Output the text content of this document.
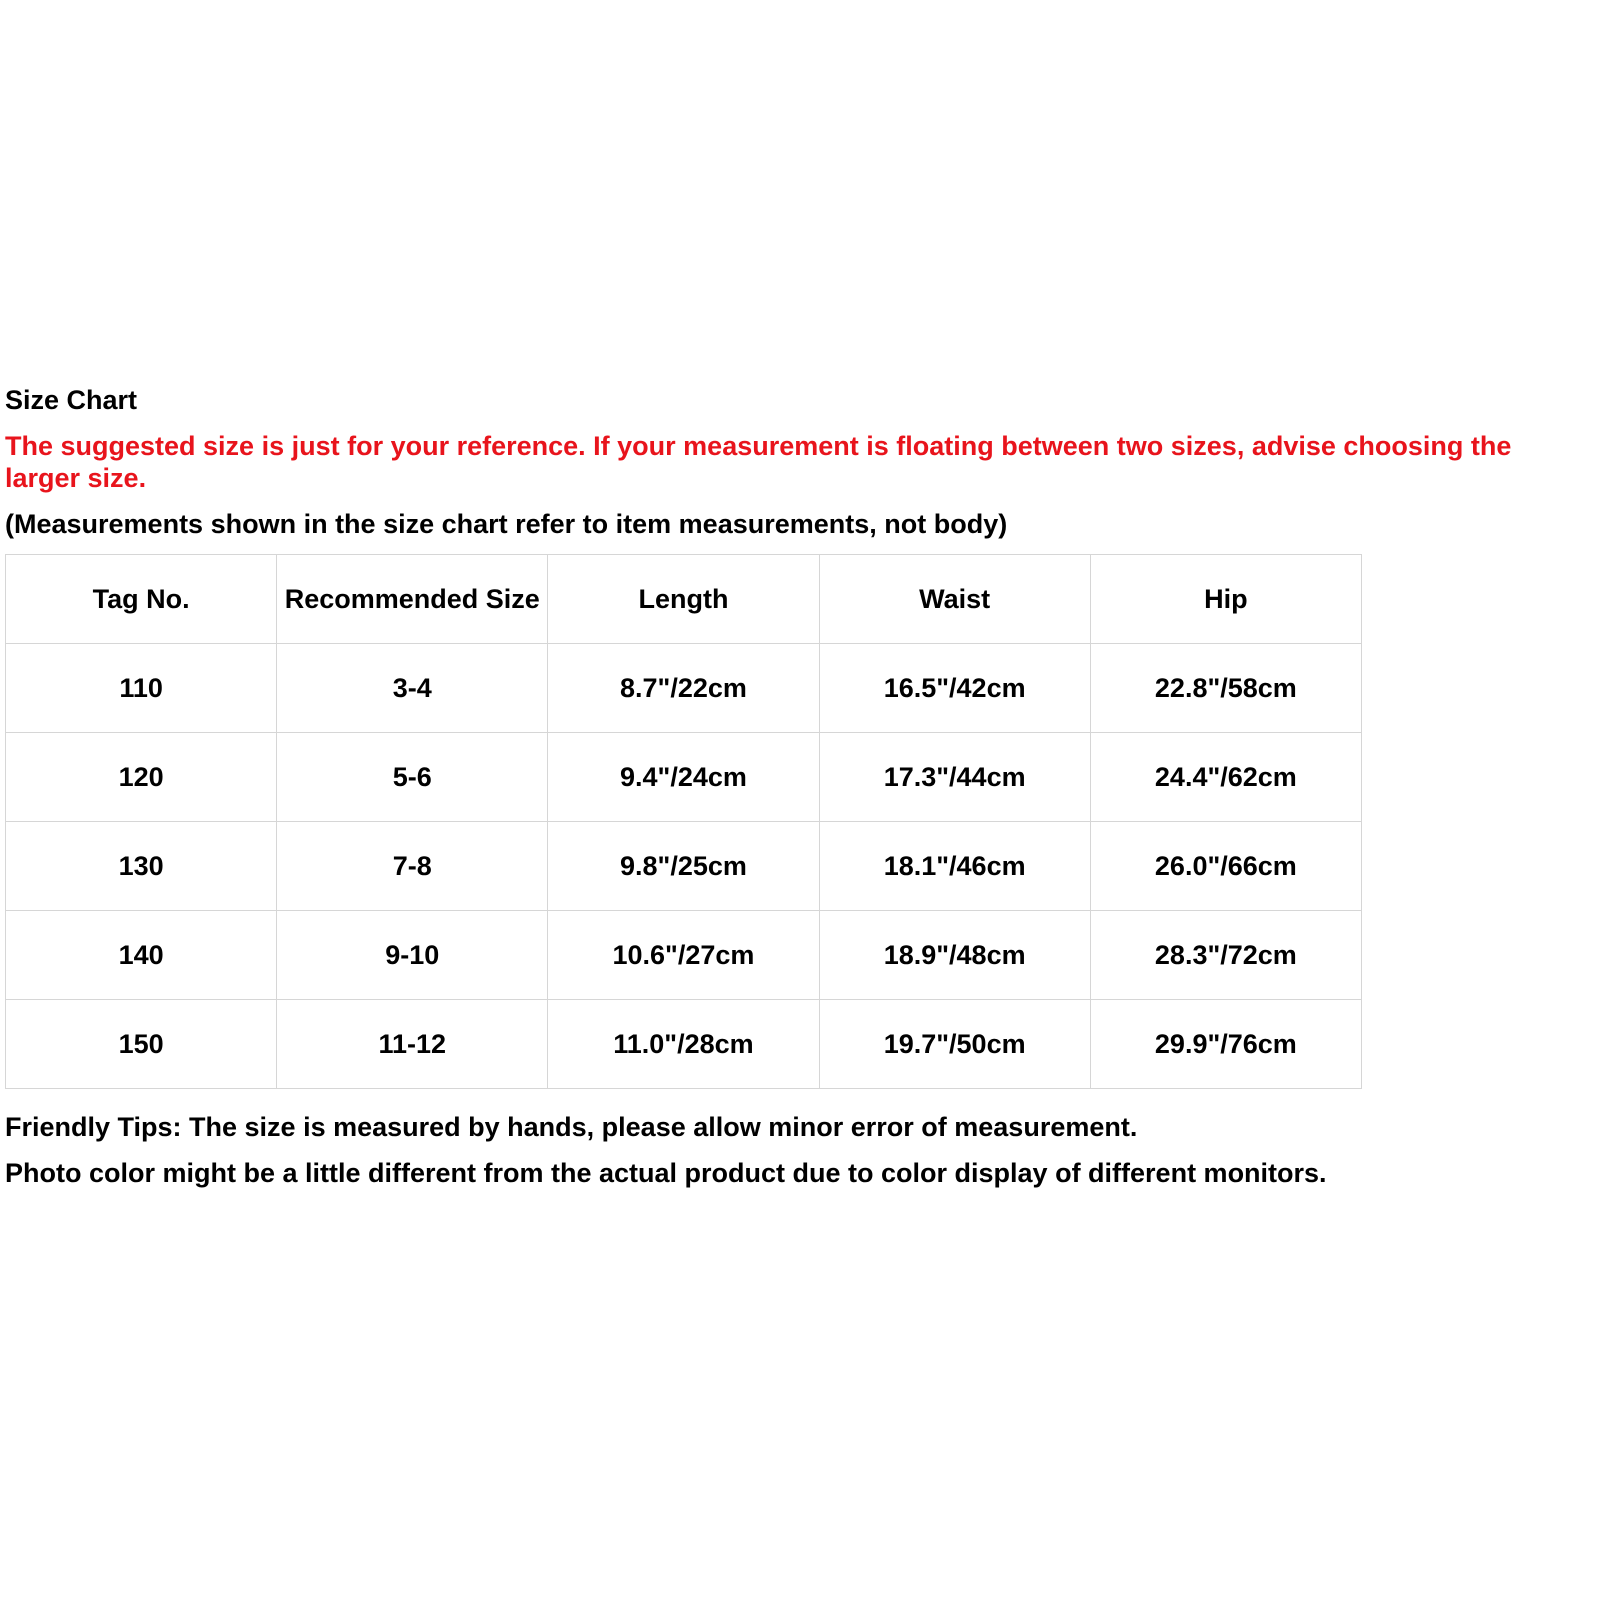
Size Chart

The suggested size is just for your reference. If your measurement is floating between two sizes, advise choosing the larger size.

(Measurements shown in the size chart refer to item measurements, not body)

Tag No.	Recommended Size	Length	Waist	Hip
110	3-4	8.7"/22cm	16.5"/42cm	22.8"/58cm
120	5-6	9.4"/24cm	17.3"/44cm	24.4"/62cm
130	7-8	9.8"/25cm	18.1"/46cm	26.0"/66cm
140	9-10	10.6"/27cm	18.9"/48cm	28.3"/72cm
150	11-12	11.0"/28cm	19.7"/50cm	29.9"/76cm

Friendly Tips: The size is measured by hands, please allow minor error of measurement.

Photo color might be a little different from the actual product due to color display of different monitors.
